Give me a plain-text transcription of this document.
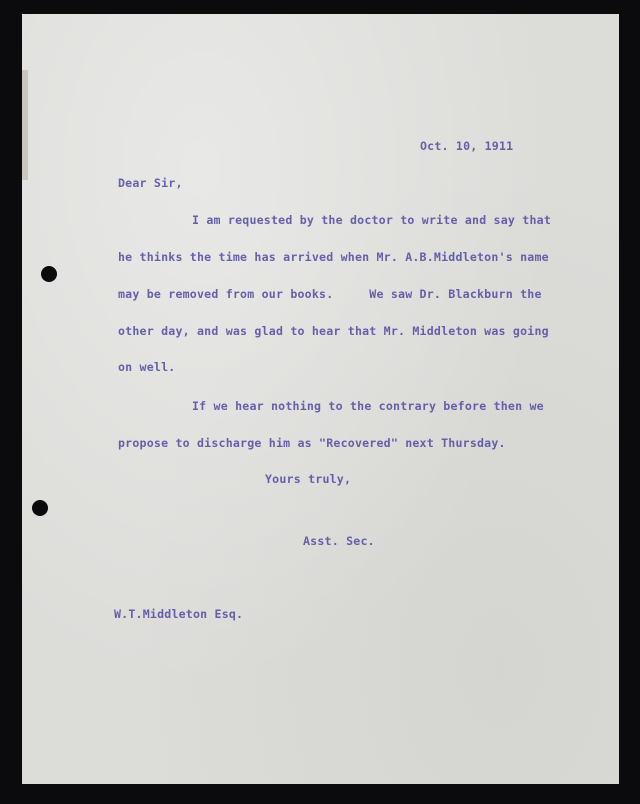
Oct. 10, 1911
Dear Sir,
I am requested by the doctor to write and say that
he thinks the time has arrived when Mr. A.B.Middleton's name
may be removed from our books.     We saw Dr. Blackburn the
other day, and was glad to hear that Mr. Middleton was going
on well.
If we hear nothing to the contrary before then we
propose to discharge him as "Recovered" next Thursday.
Yours truly,
Asst. Sec.
W.T.Middleton Esq.
